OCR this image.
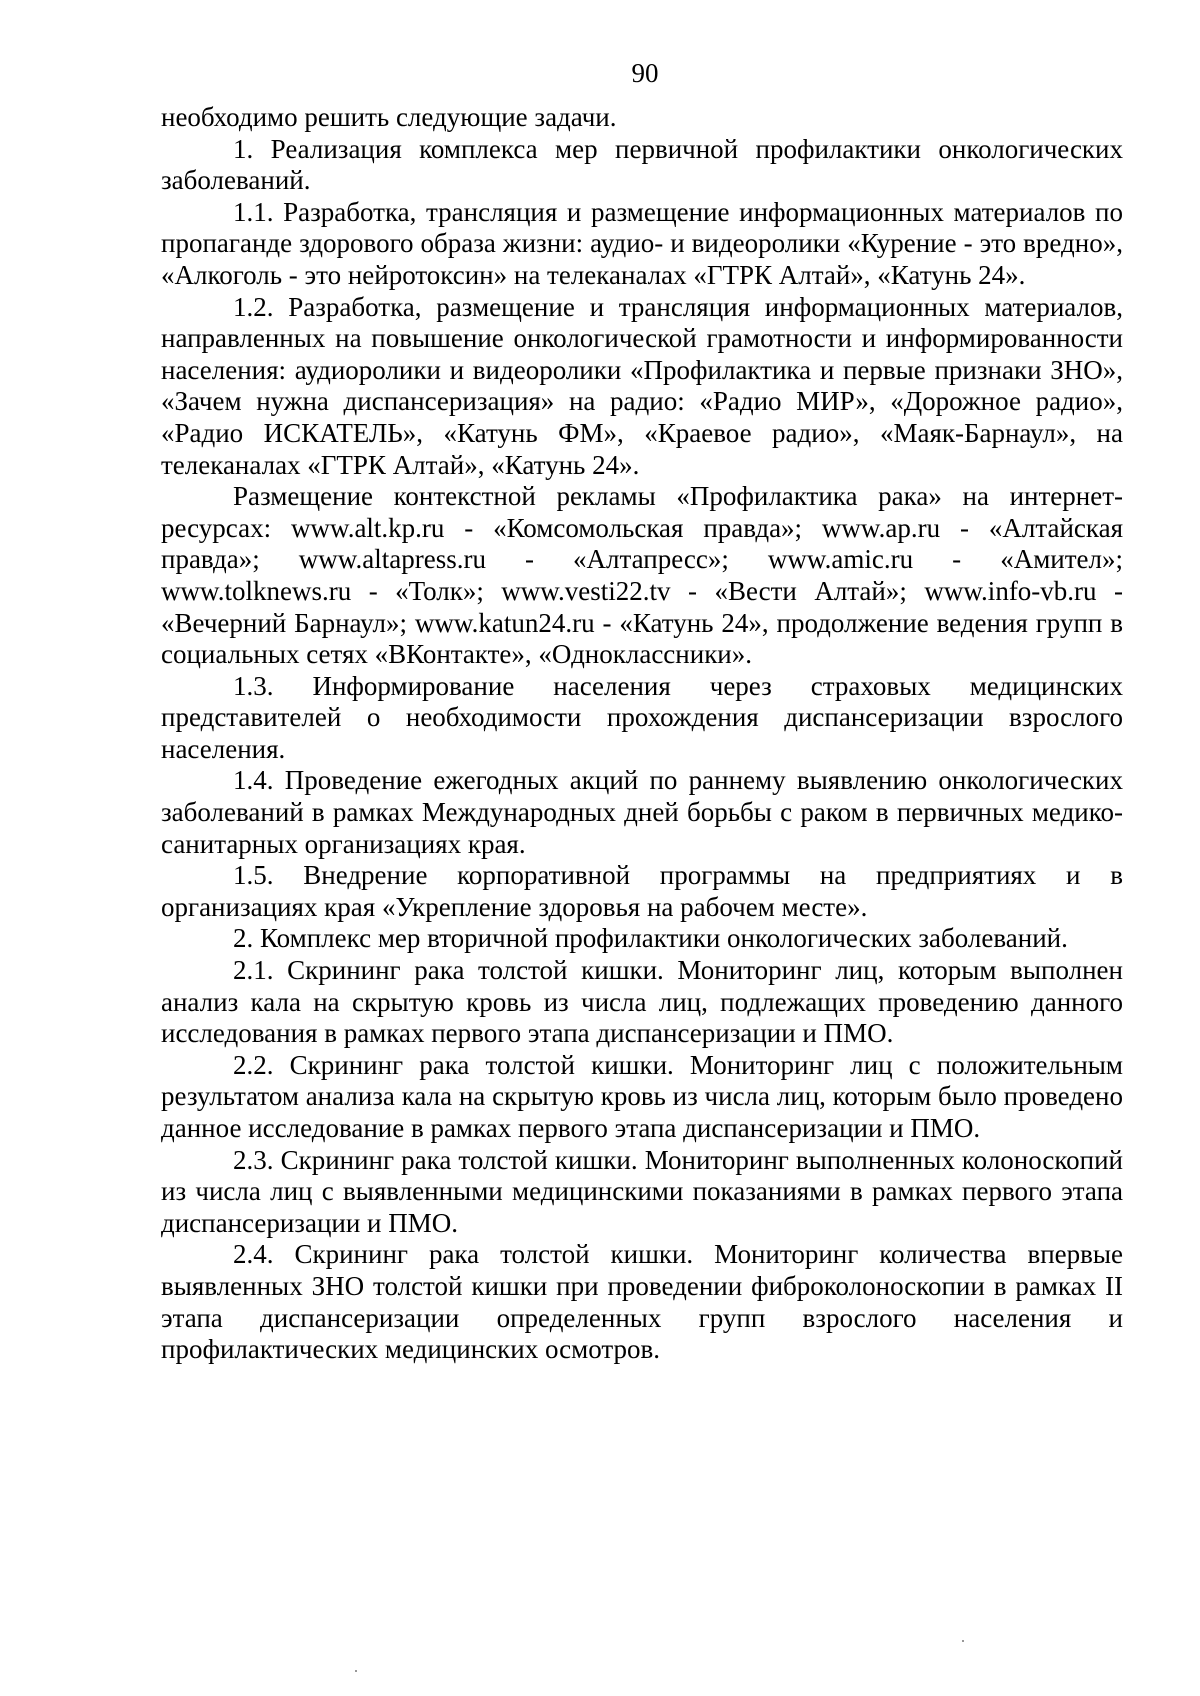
90

необходимо решить следующие задачи.

1. Реализация комплекса мер первичной профилактики онкологических заболеваний.

1.1. Разработка, трансляция и размещение информационных материалов по пропаганде здорового образа жизни: аудио- и видеоролики «Курение - это вредно», «Алкоголь - это нейротоксин» на телеканалах «ГТРК Алтай», «Катунь 24».

1.2. Разработка, размещение и трансляция информационных материалов, направленных на повышение онкологической грамотности и информированности населения: аудиоролики и видеоролики «Профилактика и первые признаки ЗНО», «Зачем нужна диспансеризация» на радио: «Радио МИР», «Дорожное радио», «Радио ИСКАТЕЛЬ», «Катунь ФМ», «Краевое радио», «Маяк-Барнаул», на телеканалах «ГТРК Алтай», «Катунь 24».

Размещение контекстной рекламы «Профилактика рака» на интернет-ресурсах: www.alt.kp.ru - «Комсомольская правда»; www.ap.ru - «Алтайская правда»; www.altapress.ru - «Алтапресс»; www.amic.ru - «Амител»; www.tolknews.ru - «Толк»; www.vesti22.tv - «Вести Алтай»; www.info-vb.ru - «Вечерний Барнаул»; www.katun24.ru - «Катунь 24», продолжение ведения групп в социальных сетях «ВКонтакте», «Одноклассники».

1.3. Информирование населения через страховых медицинских представителей о необходимости прохождения диспансеризации взрослого населения.

1.4. Проведение ежегодных акций по раннему выявлению онкологических заболеваний в рамках Международных дней борьбы с раком в первичных медико-санитарных организациях края.

1.5. Внедрение корпоративной программы на предприятиях и в организациях края «Укрепление здоровья на рабочем месте».

2. Комплекс мер вторичной профилактики онкологических заболеваний.

2.1. Скрининг рака толстой кишки. Мониторинг лиц, которым выполнен анализ кала на скрытую кровь из числа лиц, подлежащих проведению данного исследования в рамках первого этапа диспансеризации и ПМО.

2.2. Скрининг рака толстой кишки. Мониторинг лиц с положительным результатом анализа кала на скрытую кровь из числа лиц, которым было проведено данное исследование в рамках первого этапа диспансеризации и ПМО.

2.3. Скрининг рака толстой кишки. Мониторинг выполненных колоноскопий из числа лиц с выявленными медицинскими показаниями в рамках первого этапа диспансеризации и ПМО.

2.4. Скрининг рака толстой кишки. Мониторинг количества впервые выявленных ЗНО толстой кишки при проведении фиброколоноскопии в рамках II этапа диспансеризации определенных групп взрослого населения и профилактических медицинских осмотров.
